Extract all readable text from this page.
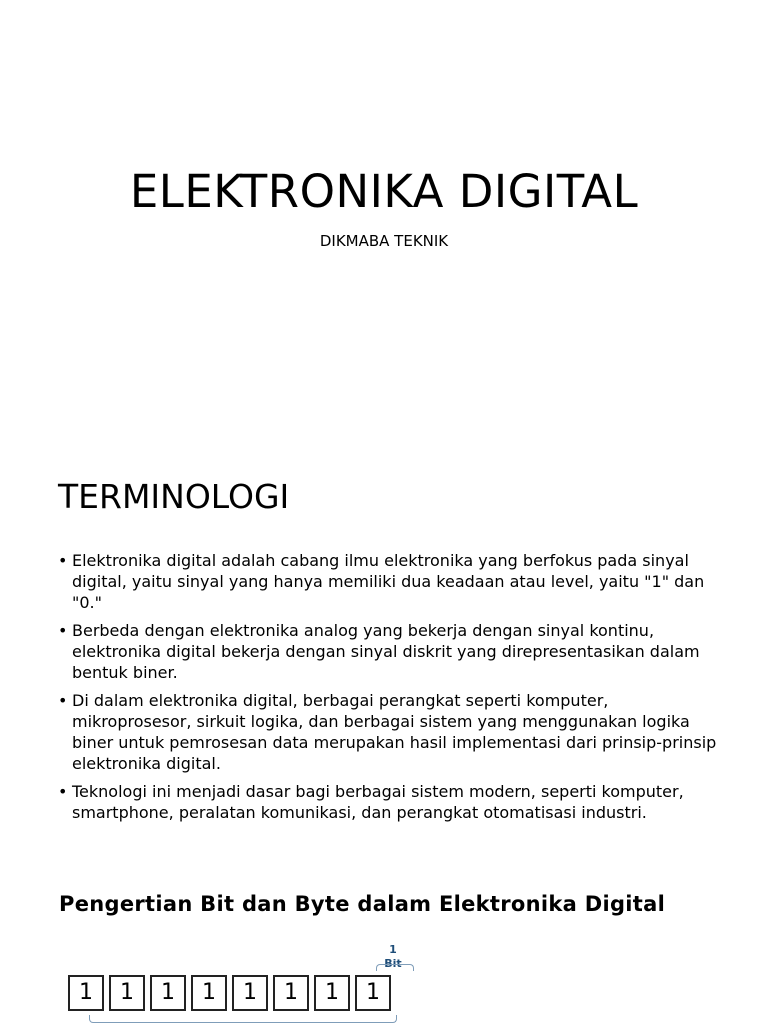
ELEKTRONIKA DIGITAL
DIKMABA TEKNIK
TERMINOLOGI
• Elektronika digital adalah cabang ilmu elektronika yang berfokus pada sinyal digital, yaitu sinyal yang hanya memiliki dua keadaan atau level, yaitu "1" dan "0."
• Berbeda dengan elektronika analog yang bekerja dengan sinyal kontinu, elektronika digital bekerja dengan sinyal diskrit yang direpresentasikan dalam bentuk biner.
• Di dalam elektronika digital, berbagai perangkat seperti komputer, mikroprosesor, sirkuit logika, dan berbagai sistem yang menggunakan logika biner untuk pemrosesan data merupakan hasil implementasi dari prinsip-prinsip elektronika digital.
• Teknologi ini menjadi dasar bagi berbagai sistem modern, seperti komputer, smartphone, peralatan komunikasi, dan perangkat otomatisasi industri.
Pengertian Bit dan Byte dalam Elektronika Digital
1 Bit
1	1	1	1	1	1	1	1
